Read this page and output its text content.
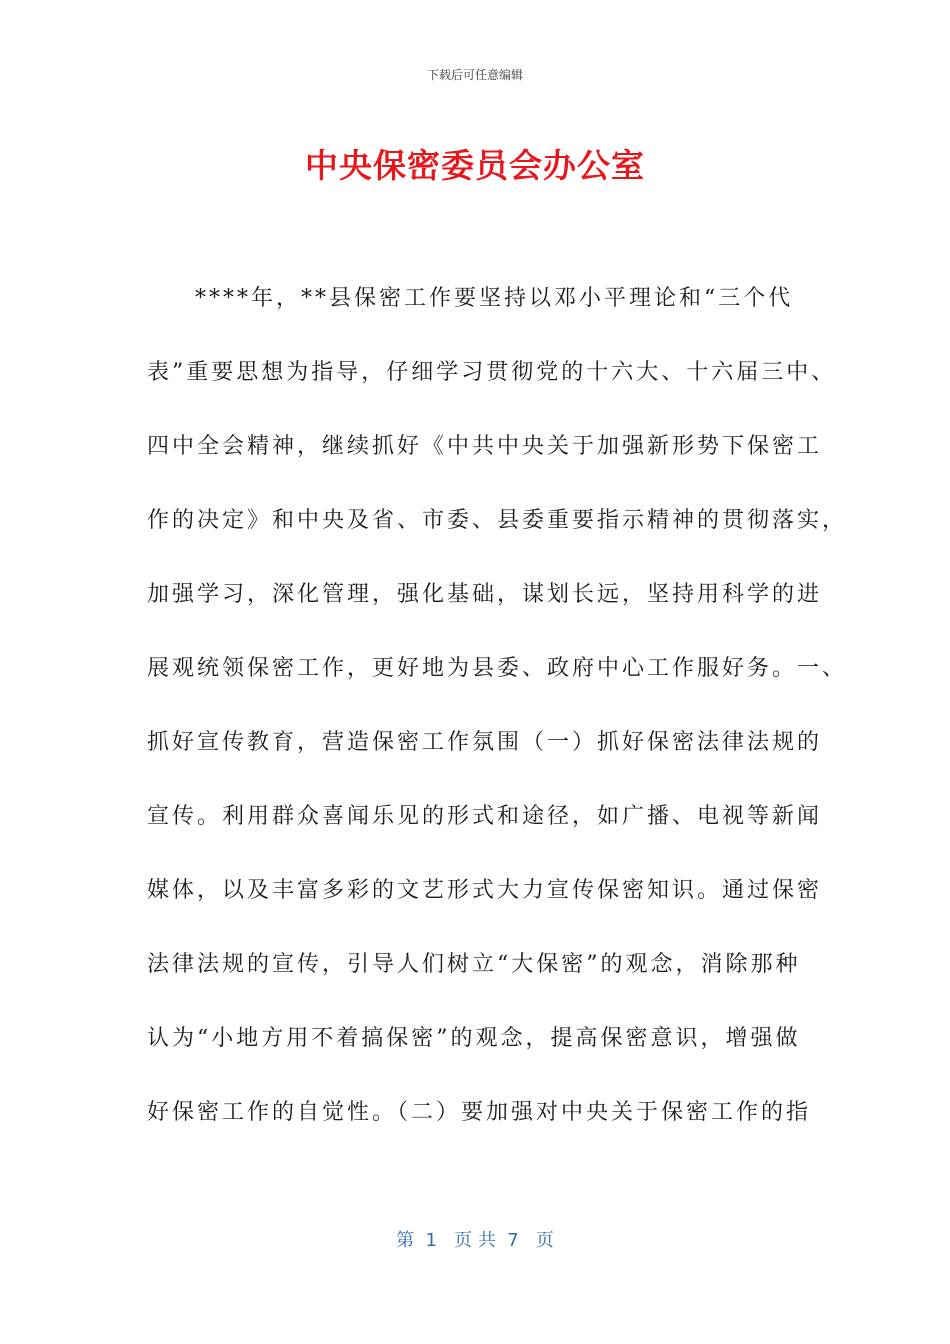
下载后可任意编辑
中央保密委员会办公室
****年，**县保密工作要坚持以邓小平理论和“三个代
表”重要思想为指导，仔细学习贯彻党的十六大、十六届三中、
四中全会精神，继续抓好《中共中央关于加强新形势下保密工
作的决定》和中央及省、市委、县委重要指示精神的贯彻落实，
加强学习，深化管理，强化基础，谋划长远，坚持用科学的进
展观统领保密工作，更好地为县委、政府中心工作服好务。一、
抓好宣传教育，营造保密工作氛围（一）抓好保密法律法规的
宣传。利用群众喜闻乐见的形式和途径，如广播、电视等新闻
媒体，以及丰富多彩的文艺形式大力宣传保密知识。通过保密
法律法规的宣传，引导人们树立“大保密”的观念，消除那种
认为“小地方用不着搞保密”的观念，提高保密意识，增强做
好保密工作的自觉性。（二）要加强对中央关于保密工作的指
第  1   页 共  7   页
